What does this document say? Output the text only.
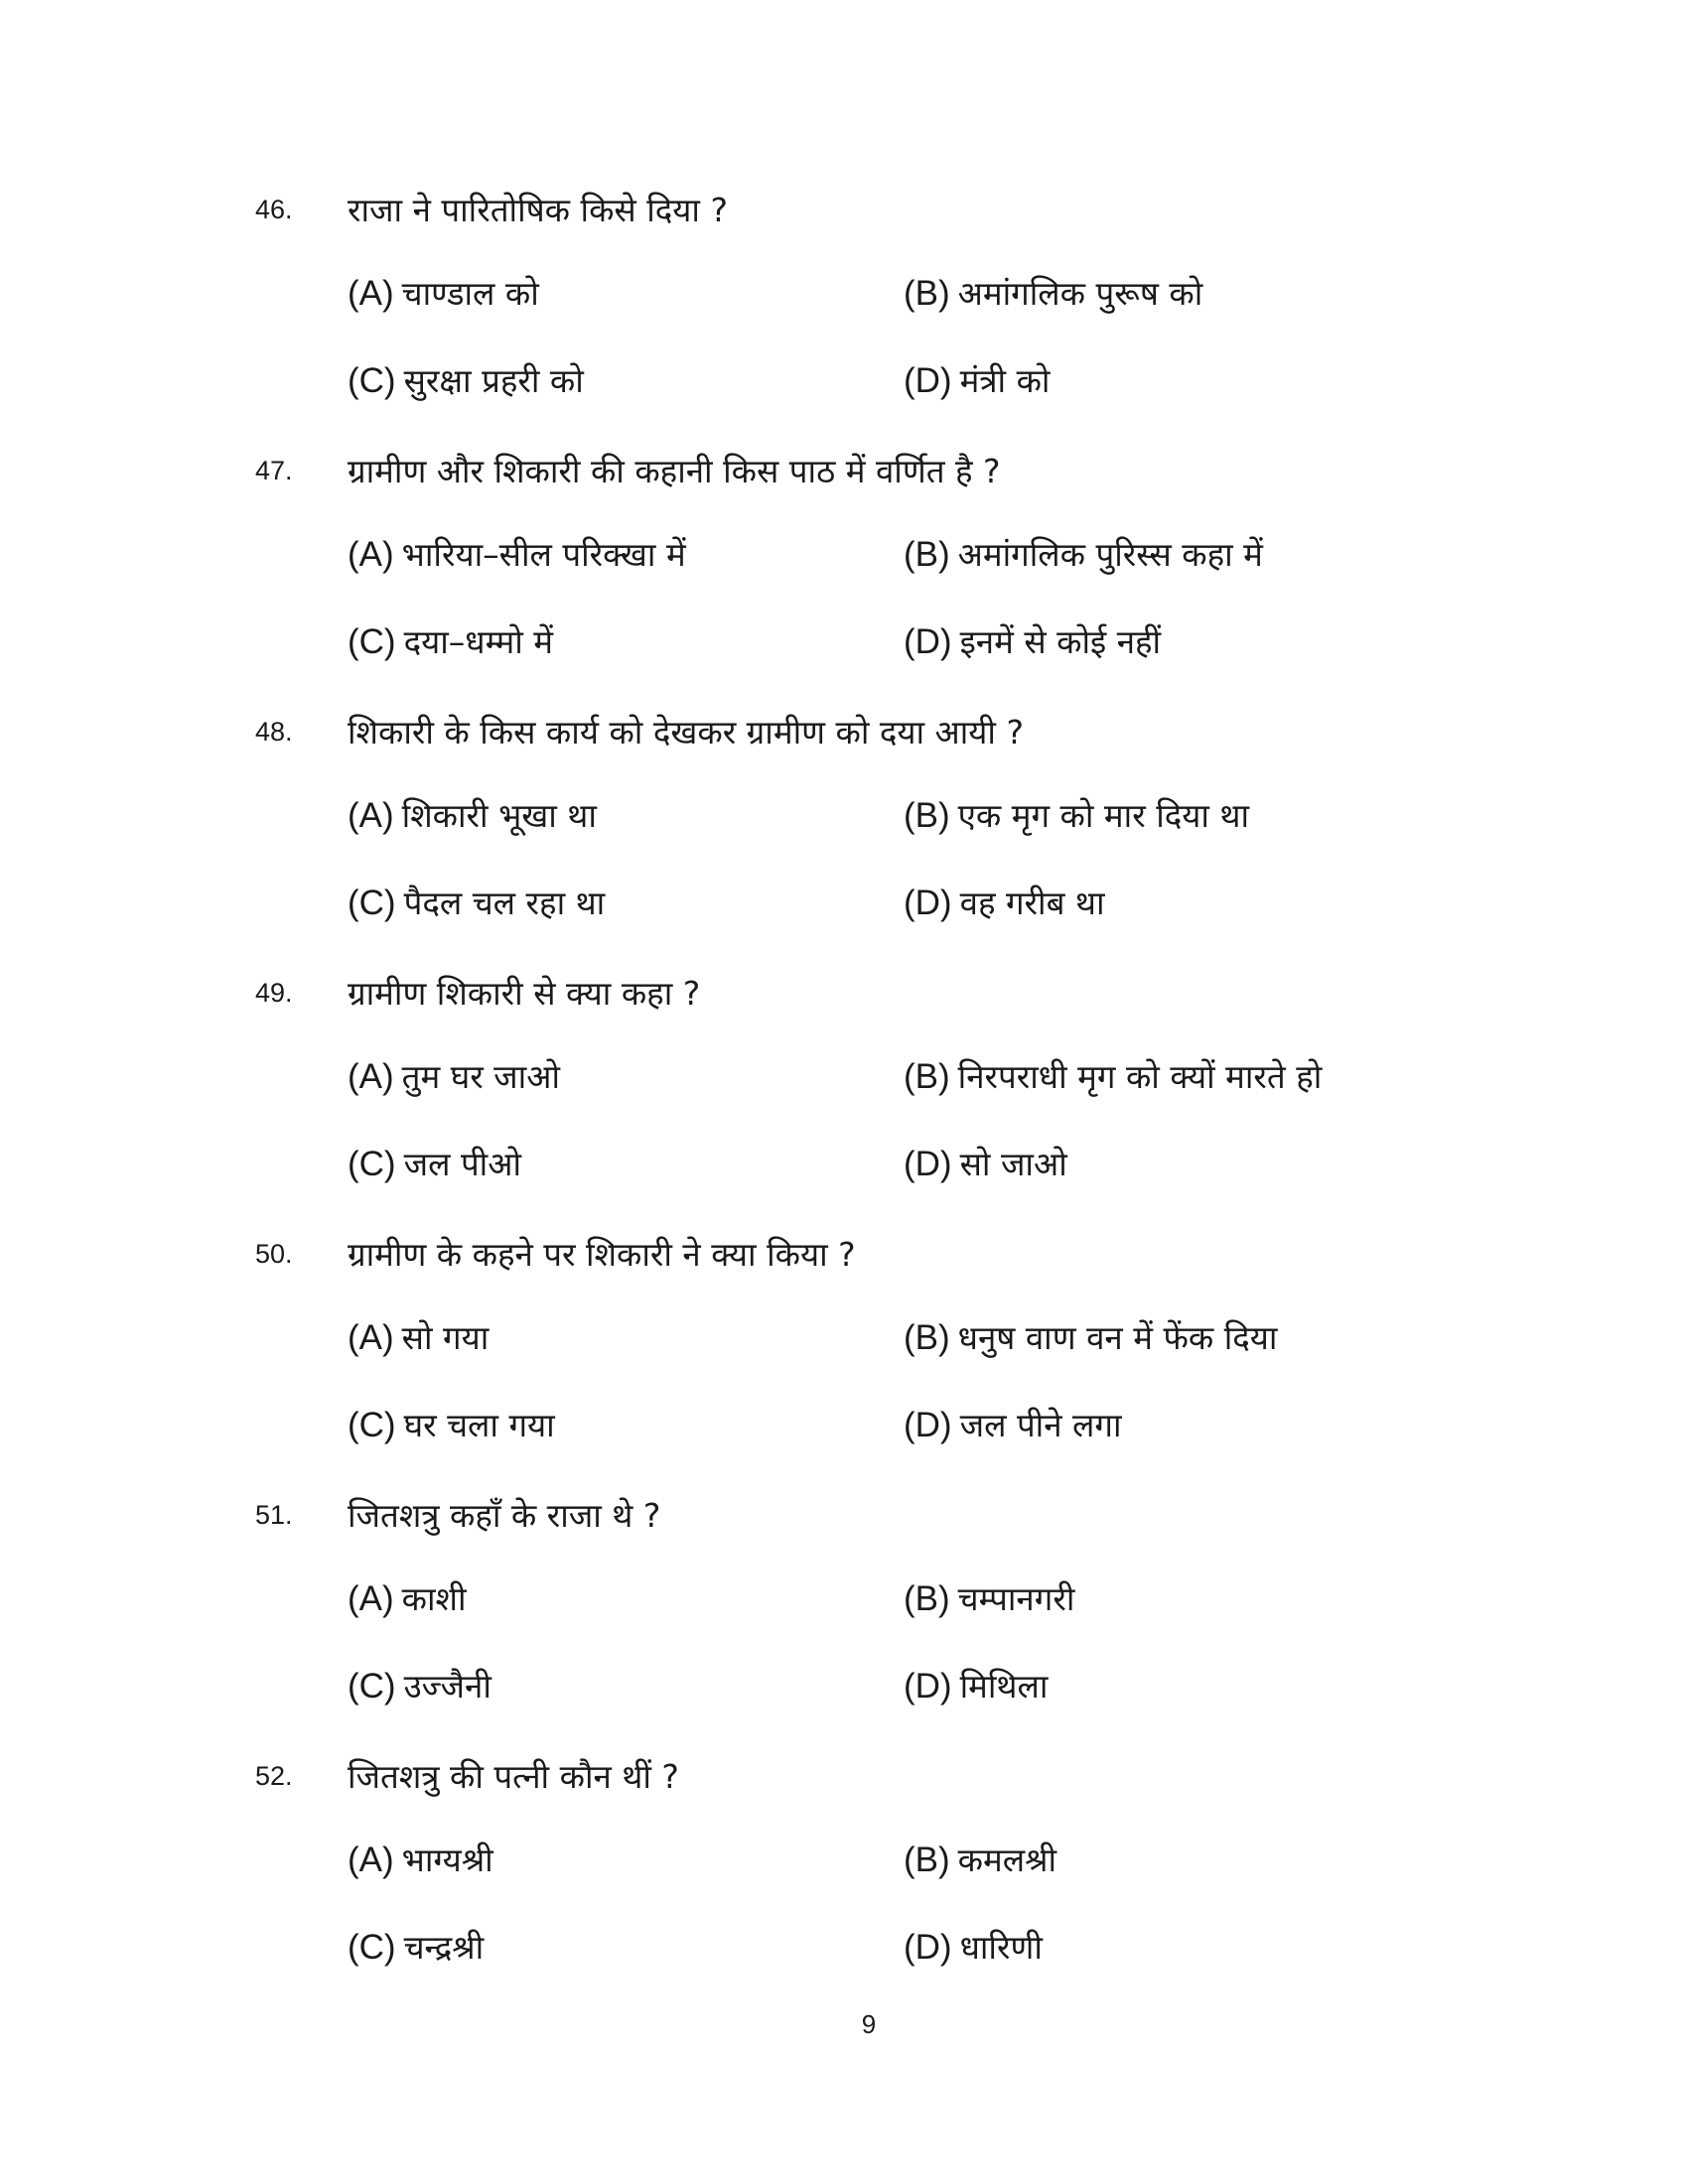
46. राजा ने पारितोषिक किसे दिया ?
(A) चाण्डाल को	(B) अमांगलिक पुरूष को
(C) सुरक्षा प्रहरी को	(D) मंत्री को
47. ग्रामीण और शिकारी की कहानी किस पाठ में वर्णित है ?
(A) भारिया–सील परिक्खा में	(B) अमांगलिक पुरिस्स कहा में
(C) दया–धम्मो में	(D) इनमें से कोई नहीं
48. शिकारी के किस कार्य को देखकर ग्रामीण को दया आयी ?
(A) शिकारी भूखा था	(B) एक मृग को मार दिया था
(C) पैदल चल रहा था	(D) वह गरीब था
49. ग्रामीण शिकारी से क्या कहा ?
(A) तुम घर जाओ	(B) निरपराधी मृग को क्यों मारते हो
(C) जल पीओ	(D) सो जाओ
50. ग्रामीण के कहने पर शिकारी ने क्या किया ?
(A) सो गया	(B) धनुष वाण वन में फेंक दिया
(C) घर चला गया	(D) जल पीने लगा
51. जितशत्रु कहाँ के राजा थे ?
(A) काशी	(B) चम्पानगरी
(C) उज्जैनी	(D) मिथिला
52. जितशत्रु की पत्नी कौन थीं ?
(A) भाग्यश्री	(B) कमलश्री
(C) चन्द्रश्री	(D) धारिणी
9
